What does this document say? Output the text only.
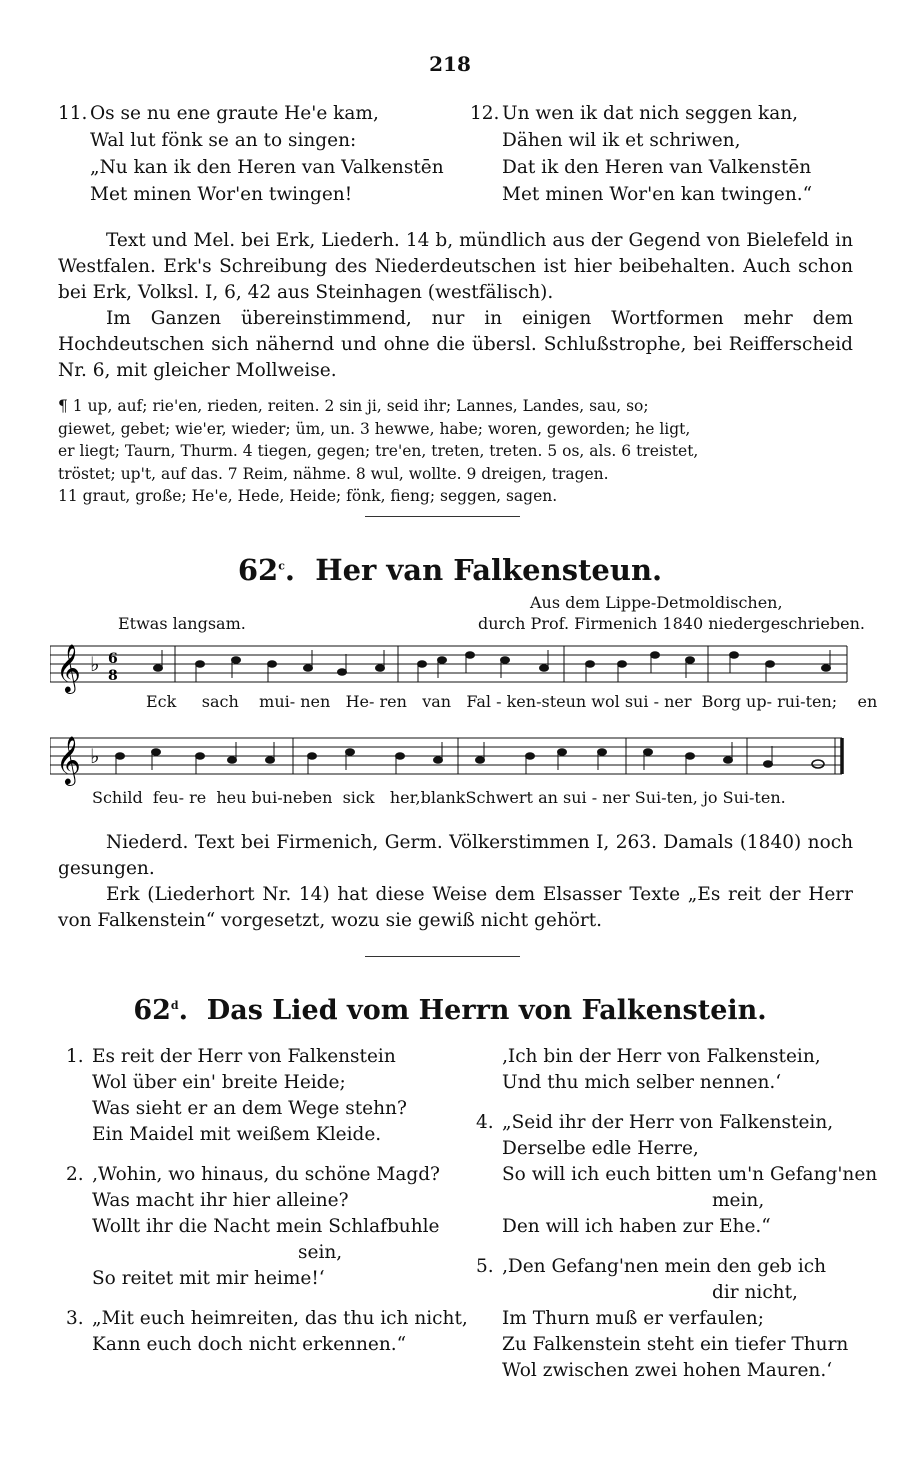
218
11. Os se nu ene graute He'e kam,
Wal lut fönk se an to singen:
„Nu kan ik den Heren van Valkenstēn
Met minen Wor'en twingen!
12. Un wen ik dat nich seggen kan,
Dähen wil ik et schriwen,
Dat ik den Heren van Valkenstēn
Met minen Wor'en kan twingen.“
Text und Mel. bei Erk, Liederh. 14 b, mündlich aus der Gegend von Bielefeld in Westfalen. Erk's Schreibung des Niederdeutschen ist hier beibehalten. Auch schon bei Erk, Volksl. I, 6, 42 aus Steinhagen (westfälisch).
Im Ganzen übereinstimmend, nur in einigen Wortformen mehr dem Hochdeutschen sich nähernd und ohne die übersl. Schlußstrophe, bei Reifferscheid Nr. 6, mit gleicher Mollweise.
¶ 1 up, auf; rie'en, rieden, reiten. 2 sin ji, seid ihr; Lannes, Landes, sau, so;
giewet, gebet; wie'er, wieder; üm, un. 3 hewwe, habe; woren, geworden; he ligt,
er liegt; Taurn, Thurm. 4 tiegen, gegen; tre'en, treten, treten. 5 os, als. 6 treistet,
tröstet; up't, auf das. 7 Reim, nähme. 8 wul, wollte. 9 dreigen, tragen.
11 graut, große; He'e, Hede, Heide; fönk, fieng; seggen, sagen.
62$^c$.  Her van Falkensteun.
Aus dem Lippe-Detmoldischen,
Etwas langsam.	durch Prof. Firmenich 1840 niedergeschrieben.
𝄞 ♭ 6
8
Eck sach mui- nen He- ren van Fal - ken-steun wol sui - ner Borg up- rui-ten; en
𝄞 ♭
Schild feu- re heu bui-neben sick her,blankSchwert an sui - ner Sui-ten, jo Sui-ten.
Niederd. Text bei Firmenich, Germ. Völkerstimmen I, 263. Damals (1840) noch gesungen.
Erk (Liederhort Nr. 14) hat diese Weise dem Elsasser Texte „Es reit der Herr von Falkenstein“ vorgesetzt, wozu sie gewiß nicht gehört.
62$^d$.  Das Lied vom Herrn von Falkenstein.
1. Es reit der Herr von Falkenstein
Wol über ein' breite Heide;
Was sieht er an dem Wege stehn?
Ein Maidel mit weißem Kleide.
2. ‚Wohin, wo hinaus, du schöne Magd?
Was macht ihr hier alleine?
Wollt ihr die Nacht mein Schlafbuhle
sein,
So reitet mit mir heime!‘
3. „Mit euch heimreiten, das thu ich nicht,
Kann euch doch nicht erkennen.“
‚Ich bin der Herr von Falkenstein,
Und thu mich selber nennen.‘
4. „Seid ihr der Herr von Falkenstein,
Derselbe edle Herre,
So will ich euch bitten um'n Gefang'nen
mein,
Den will ich haben zur Ehe.“
5. ‚Den Gefang'nen mein den geb ich
dir nicht,
Im Thurn muß er verfaulen;
Zu Falkenstein steht ein tiefer Thurn
Wol zwischen zwei hohen Mauren.‘
